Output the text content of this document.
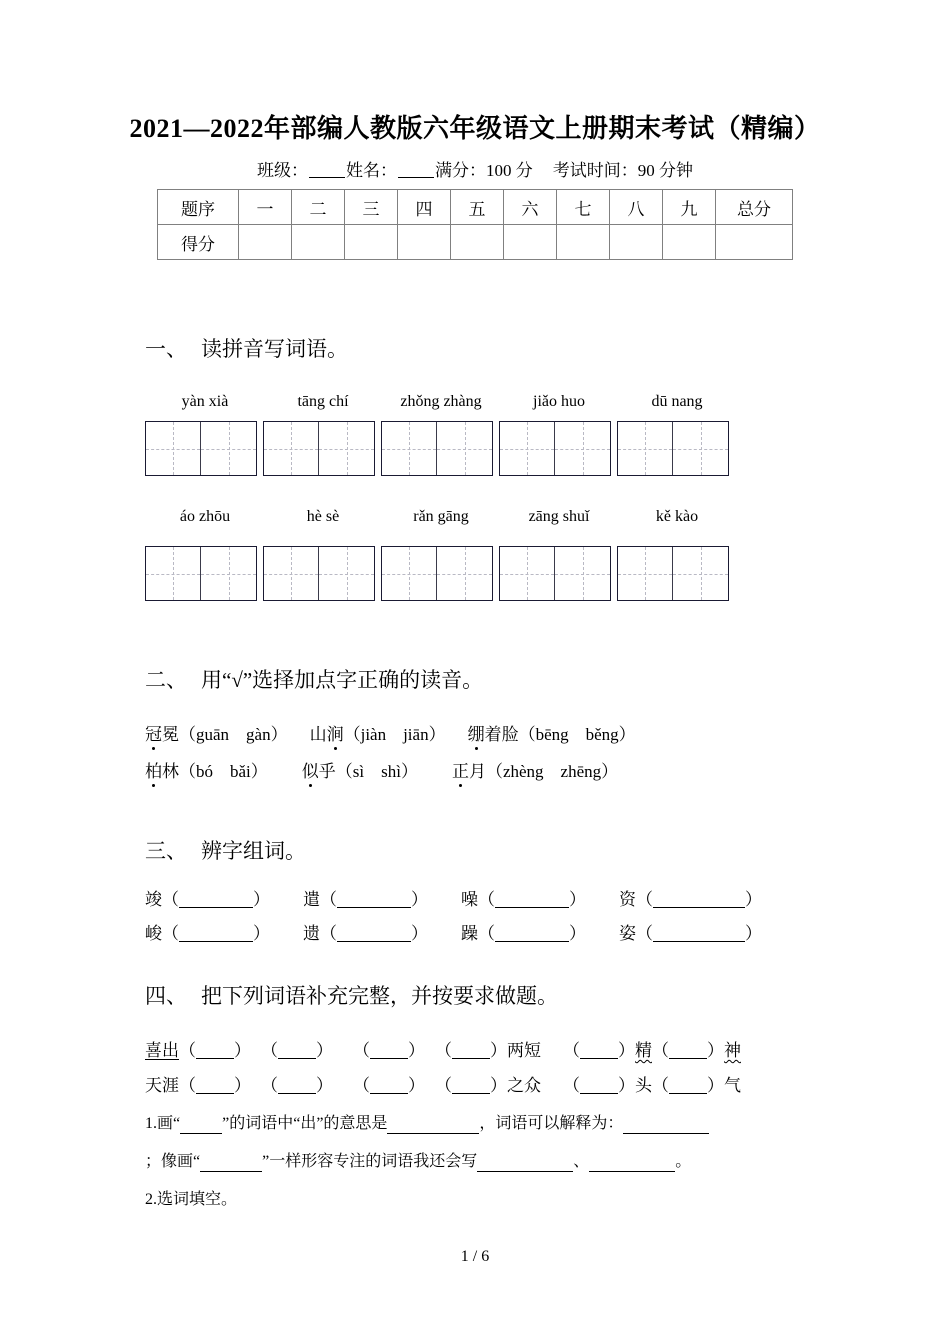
2021—2022年部编人教版六年级语文上册期末考试（精编）
班级： 姓名： 满分：100 分 考试时间：90 分钟
题序	一	二	三	四	五	六	七	八	九	总分
得分										
一、 读拼音写词语。
yàn xià	tāng chí	zhǒng zhàng	jiǎo huo	dū nang
áo zhōu	hè sè	rǎn gāng	zāng shuǐ	kě kào
二、 用“√”选择加点字正确的读音。
冠冕（guān　gàn） 山涧（jiàn　jiān） 绷着脸（bēng　běng）
柏林（bó　bǎi） 似乎（sì　shì） 正月（zhèng　zhēng）
三、 辨字组词。
竣（	） 遣（	） 噪（	） 资（	）
峻（	） 遗（	） 躁（	） 姿（	）
四、 把下列词语补充完整，并按要求做题。
喜出（ ） （ ） （ ） （ ）两短 （ ）精（ ）神
天涯（ ） （ ） （ ） （ ）之众 （ ）头（ ）气
1.画“	”的词语中“出”的意思是	，词语可以解释为：
；像画“	”一样形容专注的词语我还会写	、	。
2.选词填空。
1 / 6
